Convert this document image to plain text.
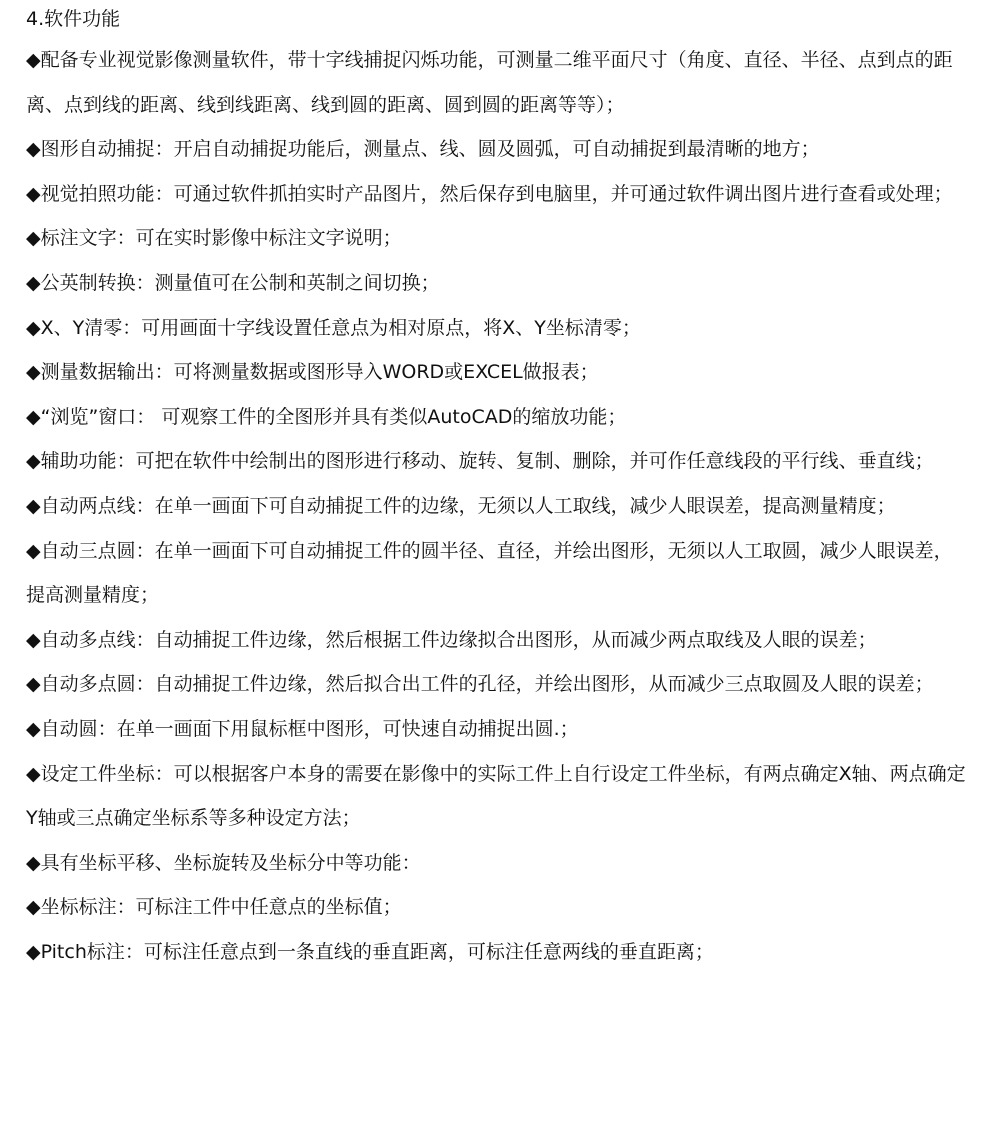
4.软件功能
◆配备专业视觉影像测量软件，带十字线捕捉闪烁功能，可测量二维平面尺寸（角度、直径、半径、点到点的距离、点到线的距离、线到线距离、线到圆的距离、圆到圆的距离等等）；
◆图形自动捕捉：开启自动捕捉功能后，测量点、线、圆及圆弧，可自动捕捉到最清晰的地方；
◆视觉拍照功能：可通过软件抓拍实时产品图片，然后保存到电脑里，并可通过软件调出图片进行查看或处理；
◆标注文字：可在实时影像中标注文字说明；
◆公英制转换：测量值可在公制和英制之间切换；
◆X、Y清零：可用画面十字线设置任意点为相对原点，将X、Y坐标清零；
◆测量数据输出：可将测量数据或图形导入WORD或EXCEL做报表；
◆“浏览”窗口： 可观察工件的全图形并具有类似AutoCAD的缩放功能；
◆辅助功能：可把在软件中绘制出的图形进行移动、旋转、复制、删除，并可作任意线段的平行线、垂直线；
◆自动两点线：在单一画面下可自动捕捉工件的边缘，无须以人工取线，减少人眼误差，提高测量精度；
◆自动三点圆：在单一画面下可自动捕捉工件的圆半径、直径，并绘出图形，无须以人工取圆，减少人眼误差，提高测量精度；
◆自动多点线：自动捕捉工件边缘，然后根据工件边缘拟合出图形，从而减少两点取线及人眼的误差；
◆自动多点圆：自动捕捉工件边缘，然后拟合出工件的孔径，并绘出图形，从而减少三点取圆及人眼的误差；
◆自动圆：在单一画面下用鼠标框中图形，可快速自动捕捉出圆.；
◆设定工件坐标：可以根据客户本身的需要在影像中的实际工件上自行设定工件坐标，有两点确定X轴、两点确定Y轴或三点确定坐标系等多种设定方法；
◆具有坐标平移、坐标旋转及坐标分中等功能：
◆坐标标注：可标注工件中任意点的坐标值；
◆Pitch标注：可标注任意点到一条直线的垂直距离，可标注任意两线的垂直距离；
